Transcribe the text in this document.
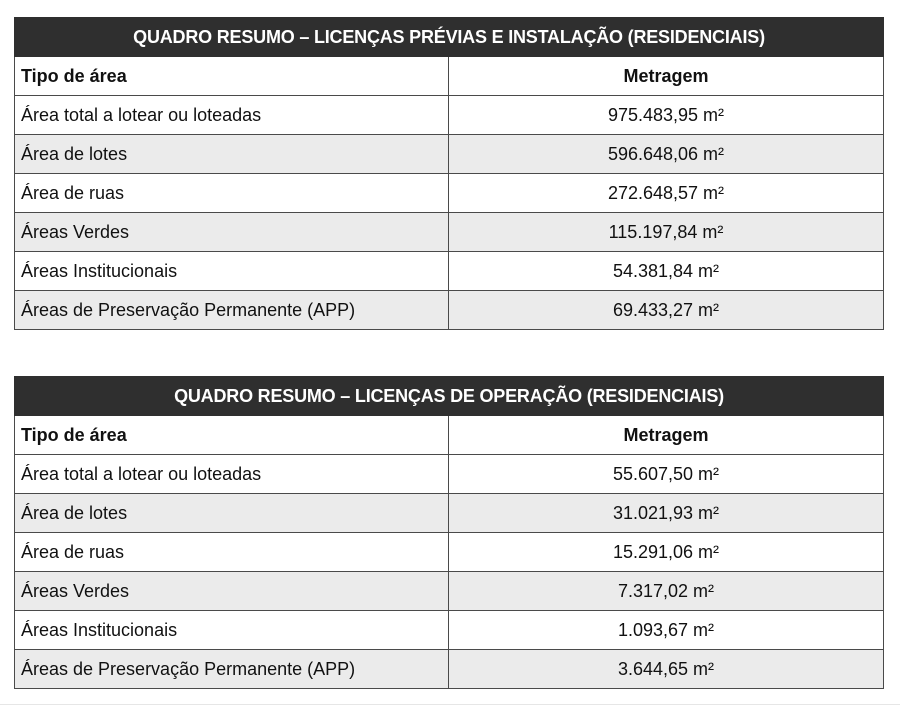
QUADRO RESUMO – LICENÇAS PRÉVIAS E INSTALAÇÃO (RESIDENCIAIS)	
Tipo de área	Metragem
Área total a lotear ou loteadas	975.483,95 m²
Área de lotes	596.648,06 m²
Área de ruas	272.648,57 m²
Áreas Verdes	115.197,84 m²
Áreas Institucionais	54.381,84 m²
Áreas de Preservação Permanente (APP)	69.433,27 m²
QUADRO RESUMO – LICENÇAS DE OPERAÇÃO (RESIDENCIAIS)	
Tipo de área	Metragem
Área total a lotear ou loteadas	55.607,50 m²
Área de lotes	31.021,93 m²
Área de ruas	15.291,06 m²
Áreas Verdes	7.317,02 m²
Áreas Institucionais	1.093,67 m²
Áreas de Preservação Permanente (APP)	3.644,65 m²
